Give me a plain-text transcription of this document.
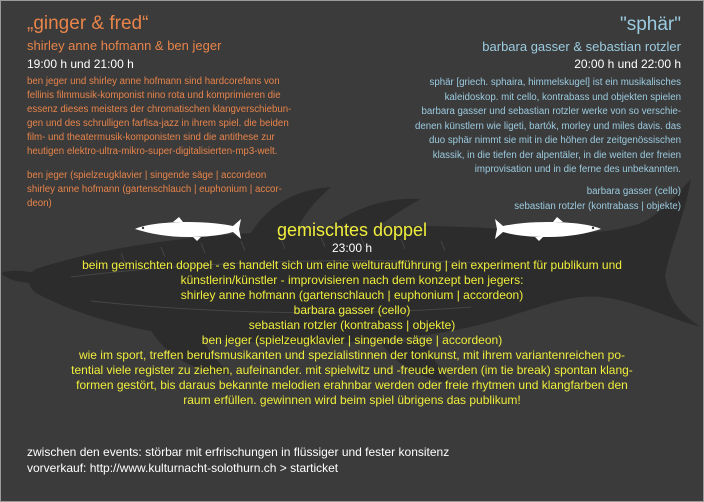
„ginger & fred“
shirley anne hofmann & ben jeger
19:00 h und 21:00 h
ben jeger und shirley anne hofmann sind hardcorefans von
fellinis filmmusik-komponist nino rota und komprimieren die
essenz dieses meisters der chromatischen klangverschiebun-
gen und des schrulligen farfisa-jazz in ihrem spiel. die beiden
film- und theatermusik-komponisten sind die antithese zur
heutigen elektro-ultra-mikro-super-digitalisierten-mp3-welt.
ben jeger (spielzeugklavier | singende säge | accordeon
shirley anne hofmann (gartenschlauch | euphonium | accor-
deon)
"sphär"
barbara gasser & sebastian rotzler
20:00 h und 22:00 h
sphär [griech. sphaira, himmelskugel] ist ein musikalisches
kaleidoskop. mit cello, kontrabass und objekten spielen
barbara gasser und sebastian rotzler werke von so verschie-
denen künstlern wie ligeti, bartók, morley und miles davis. das
duo sphär nimmt sie mit in die höhen der zeitgenössischen
klassik, in die tiefen der alpentäler, in die weiten der freien
improvisation und in die ferne des unbekannten.
barbara gasser (cello)
sebastian rotzler (kontrabass | objekte)
gemischtes doppel
23:00 h
beim gemischten doppel - es handelt sich um eine welturaufführung | ein experiment für publikum und
künstlerin/künstler - improvisieren nach dem konzept ben jegers:
shirley anne hofmann (gartenschlauch | euphonium | accordeon)
barbara gasser (cello)
sebastian rotzler (kontrabass | objekte)
ben jeger (spielzeugklavier | singende säge | accordeon)
wie im sport, treffen berufsmusikanten und spezialistinnen der tonkunst, mit ihrem variantenreichen po-
tential viele register zu ziehen, aufeinander. mit spielwitz und -freude werden (im tie break) spontan klang-
formen gestört, bis daraus bekannte melodien erahnbar werden oder freie rhytmen und klangfarben den
raum erfüllen. gewinnen wird beim spiel übrigens das publikum!
zwischen den events: störbar mit erfrischungen in flüssiger und fester konsitenz
vorverkauf: http://www.kulturnacht-solothurn.ch > starticket
